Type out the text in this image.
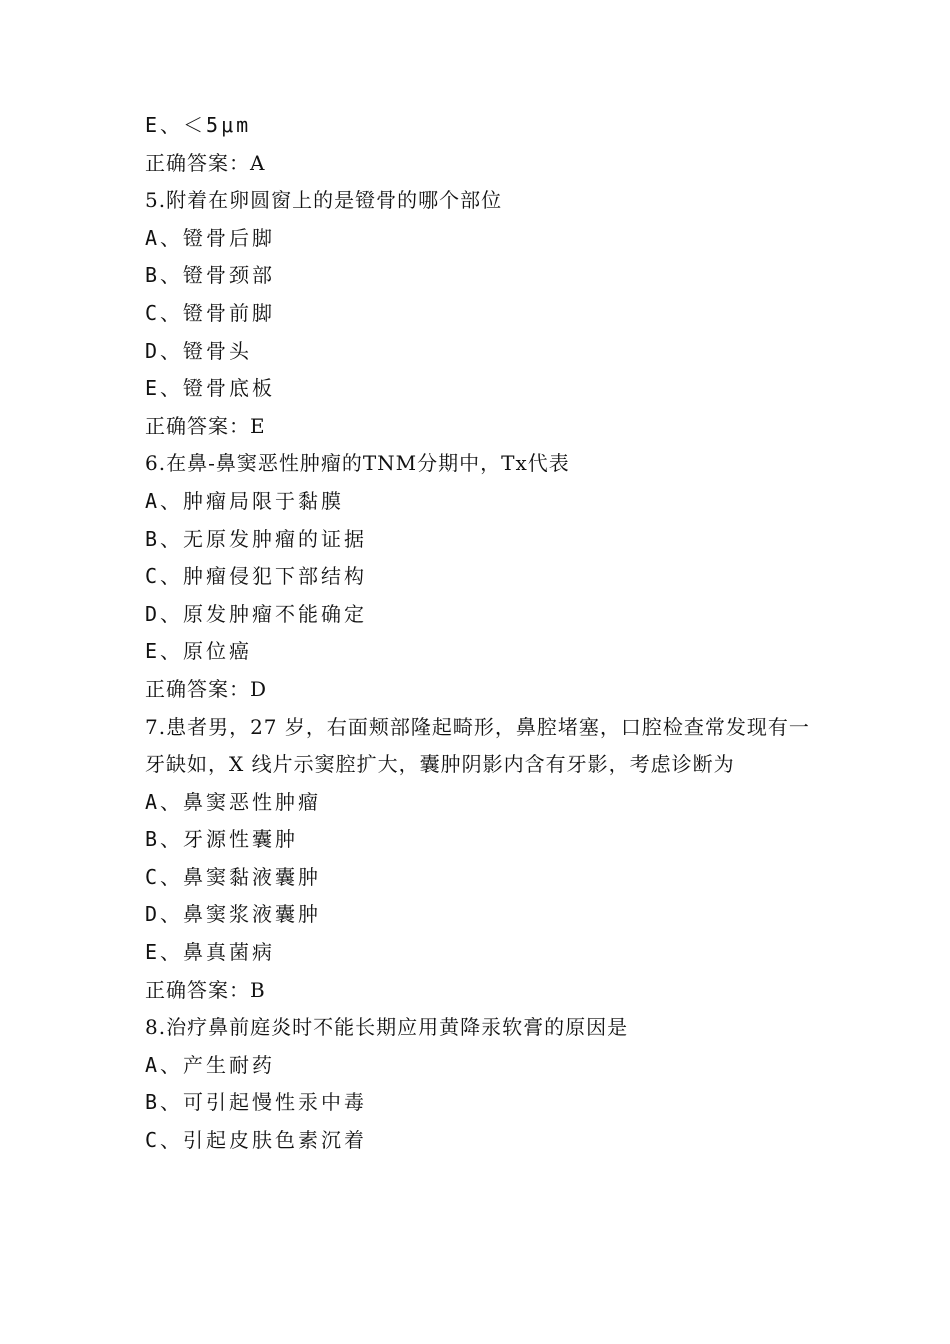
E、＜5μm
正确答案：A
5.附着在卵圆窗上的是镫骨的哪个部位
A、镫骨后脚
B、镫骨颈部
C、镫骨前脚
D、镫骨头
E、镫骨底板
正确答案：E
6.在鼻-鼻窦恶性肿瘤的TNM分期中，Tx代表
A、肿瘤局限于黏膜
B、无原发肿瘤的证据
C、肿瘤侵犯下部结构
D、原发肿瘤不能确定
E、原位癌
正确答案：D
7.患者男，27 岁，右面颊部隆起畸形，鼻腔堵塞，口腔检查常发现有一牙缺如，X 线片示窦腔扩大，囊肿阴影内含有牙影，考虑诊断为
A、鼻窦恶性肿瘤
B、牙源性囊肿
C、鼻窦黏液囊肿
D、鼻窦浆液囊肿
E、鼻真菌病
正确答案：B
8.治疗鼻前庭炎时不能长期应用黄降汞软膏的原因是
A、产生耐药
B、可引起慢性汞中毒
C、引起皮肤色素沉着
